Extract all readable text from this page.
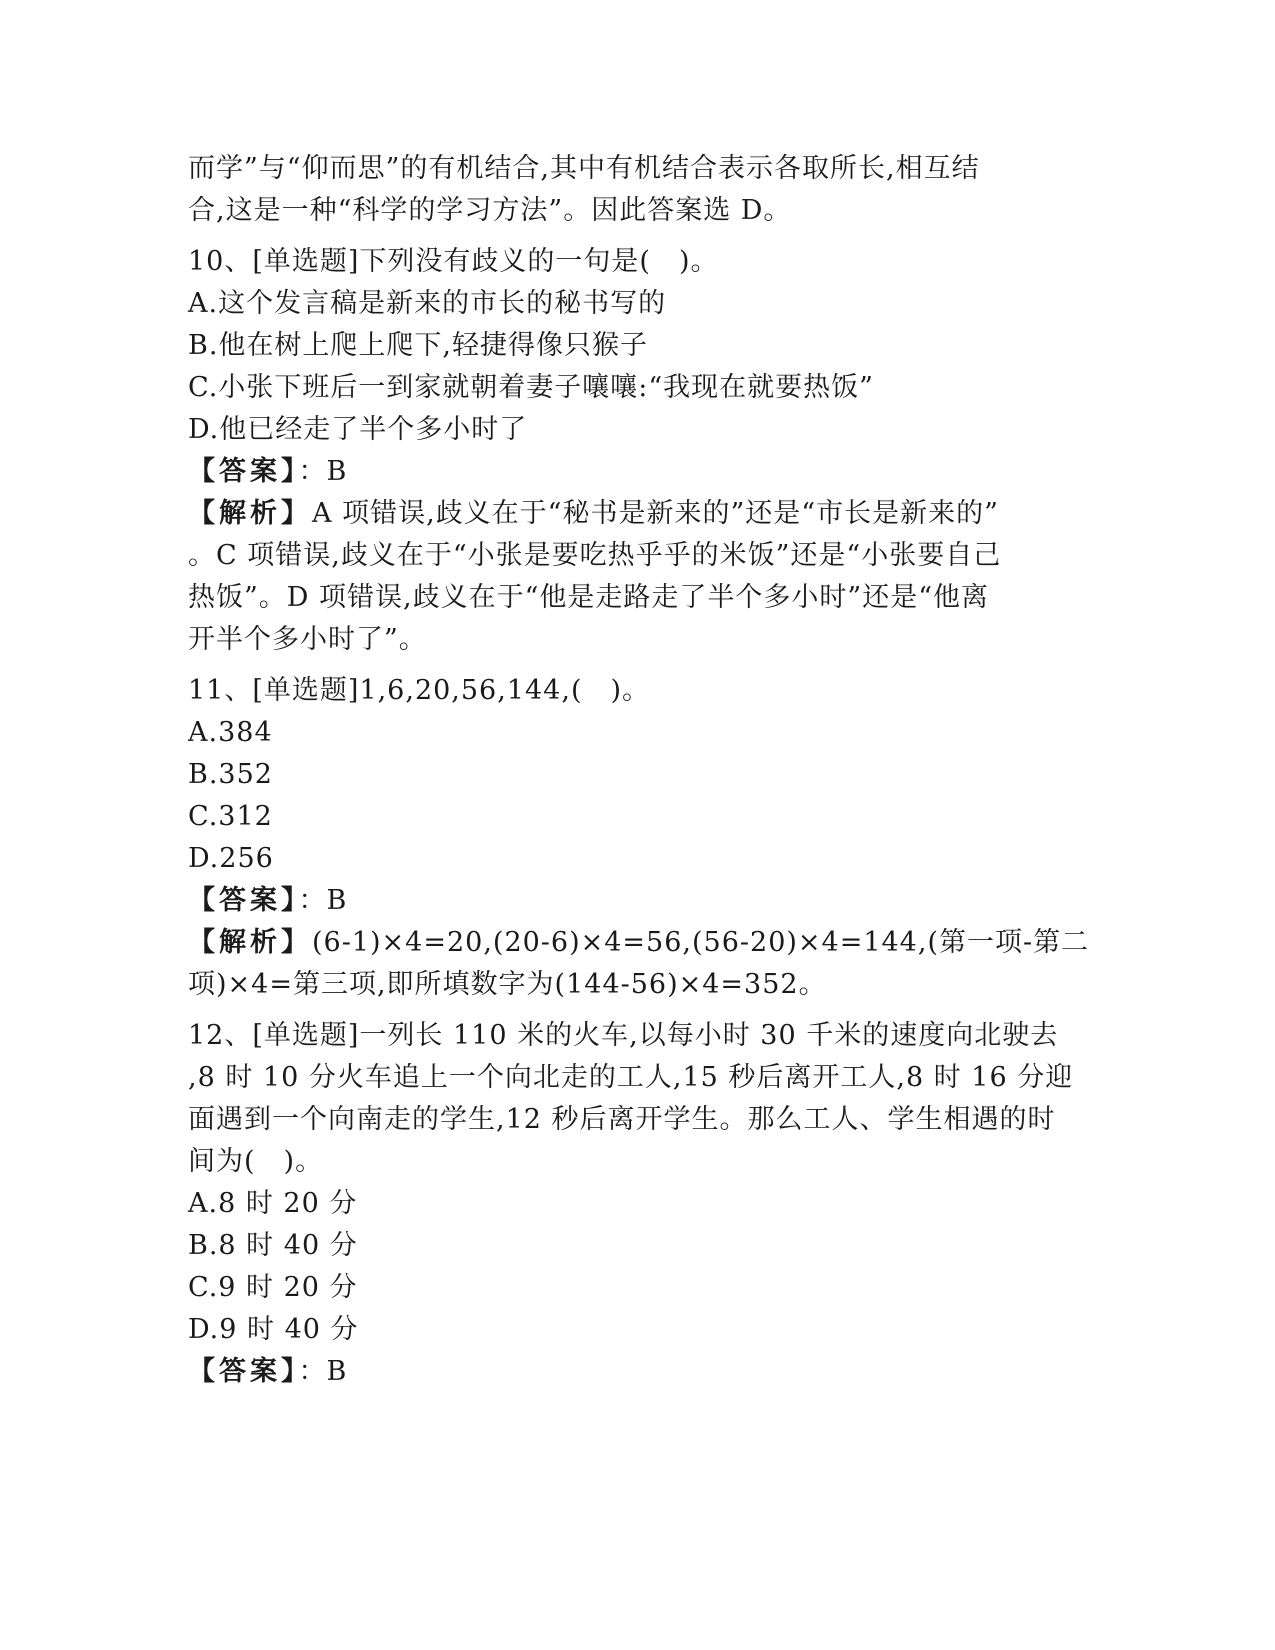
而学”与“仰而思”的有机结合,其中有机结合表示各取所长,相互结
合,这是一种“科学的学习方法”。因此答案选 D。
10、[单选题]下列没有歧义的一句是(　)。
A.这个发言稿是新来的市长的秘书写的
B.他在树上爬上爬下,轻捷得像只猴子
C.小张下班后一到家就朝着妻子嚷嚷:“我现在就要热饭”
D.他已经走了半个多小时了
【答案】：B
【解析】A 项错误,歧义在于“秘书是新来的”还是“市长是新来的”
。C 项错误,歧义在于“小张是要吃热乎乎的米饭”还是“小张要自己
热饭”。D 项错误,歧义在于“他是走路走了半个多小时”还是“他离
开半个多小时了”。
11、[单选题]1,6,20,56,144,(　)。
A.384
B.352
C.312
D.256
【答案】：B
【解析】(6-1)×4=20,(20-6)×4=56,(56-20)×4=144,(第一项-第二
项)×4=第三项,即所填数字为(144-56)×4=352。
12、[单选题]一列长 110 米的火车,以每小时 30 千米的速度向北驶去
,8 时 10 分火车追上一个向北走的工人,15 秒后离开工人,8 时 16 分迎
面遇到一个向南走的学生,12 秒后离开学生。那么工人、学生相遇的时
间为(　)。
A.8 时 20 分
B.8 时 40 分
C.9 时 20 分
D.9 时 40 分
【答案】：B
